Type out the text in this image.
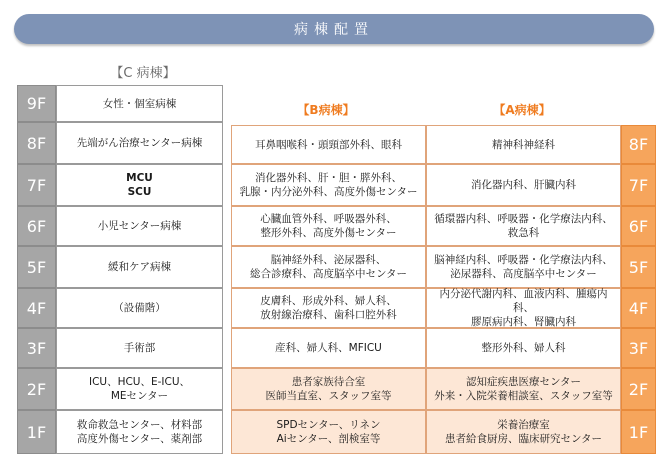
病棟配置
【C 病棟】
【B病棟】	【A病棟】
9F
8F
7F
6F
5F
4F
3F
2F
1F
女性・個室病棟
先端がん治療センター病棟
MCU
SCU
小児センター病棟
緩和ケア病棟
（設備階）
手術部
ICU、HCU、E-ICU、
MEセンター
救命救急センター、材料部
高度外傷センター、薬剤部
耳鼻咽喉科・頭頸部外科、眼科
消化器外科、肝・胆・膵外科、
乳腺・内分泌外科、高度外傷センター
心臓血管外科、呼吸器外科、
整形外科、高度外傷センター
脳神経外科、泌尿器科、
総合診療科、高度脳卒中センター
皮膚科、形成外科、婦人科、
放射線治療科、歯科口腔外科
産科、婦人科、MFICU
患者家族待合室
医師当直室、スタッフ室等
SPDセンター、リネン
Aiセンター、剖検室等
精神科神経科
消化器内科、肝臓内科
循環器内科、呼吸器・化学療法内科、
救急科
脳神経内科、呼吸器・化学療法内科、
泌尿器科、高度脳卒中センター
内分泌代謝内科、血液内科、腫瘍内科、
膠原病内科、腎臓内科
整形外科、婦人科
認知症疾患医療センター
外来・入院栄養相談室、スタッフ室等
栄養治療室
患者給食厨房、臨床研究センター
8F
7F
6F
5F
4F
3F
2F
1F
